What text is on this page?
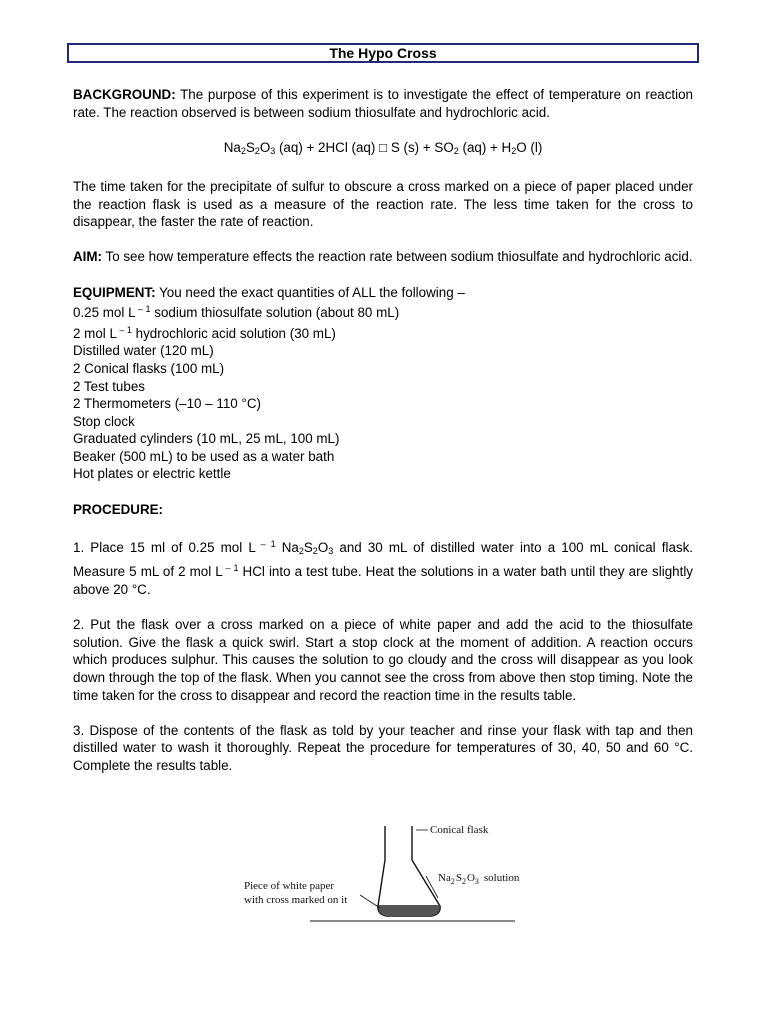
The Hypo Cross

BACKGROUND: The purpose of this experiment is to investigate the effect of temperature on reaction rate. The reaction observed is between sodium thiosulfate and hydrochloric acid.

$Na_2S_2O_3$ (aq) + 2HCl (aq) □ S $(s) + SO_2$ $(aq) + H_2O$ (l)

The time taken for the precipitate of sulfur to obscure a cross marked on a piece of paper placed under the reaction flask is used as a measure of the reaction rate. The less time taken for the cross to disappear, the faster the rate of reaction.

AIM: To see how temperature effects the reaction rate between sodium thiosulfate and hydrochloric acid.

EQUIPMENT: You need the exact quantities of ALL the following –
0.25 mol L $^{- 1}$ sodium thiosulfate solution (about 80 mL)
2 mol L $^{- 1}$ hydrochloric acid solution (30 mL)
Distilled water (120 mL)
2 Conical flasks (100 mL)
2 Test tubes
2 Thermometers (–10 – 110 °C)
Stop clock
Graduated cylinders (10 mL, 25 mL, 100 mL)
Beaker (500 mL) to be used as a water bath
Hot plates or electric kettle

PROCEDURE:

1. Place 15 ml of 0.25 mol L $^{- 1}$ $Na_2S_2O_3$ and 30 mL of distilled water into a 100 mL conical flask. Measure 5 mL of 2 mol L $^{- 1}$ HCl into a test tube. Heat the solutions in a water bath until they are slightly above 20 °C.

2. Put the flask over a cross marked on a piece of white paper and add the acid to the thiosulfate solution. Give the flask a quick swirl. Start a stop clock at the moment of addition. A reaction occurs which produces sulphur. This causes the solution to go cloudy and the cross will disappear as you look down through the top of the flask. When you cannot see the cross from above then stop timing. Note the time taken for the cross to disappear and record the reaction time in the results table.

3. Dispose of the contents of the flask as told by your teacher and rinse your flask with tap and then distilled water to wash it thoroughly. Repeat the procedure for temperatures of 30, 40, 50 and 60 °C. Complete the results table.

Conical flask
$Na_2S_2O_3$ solution
Piece of white paper
with cross marked on it
